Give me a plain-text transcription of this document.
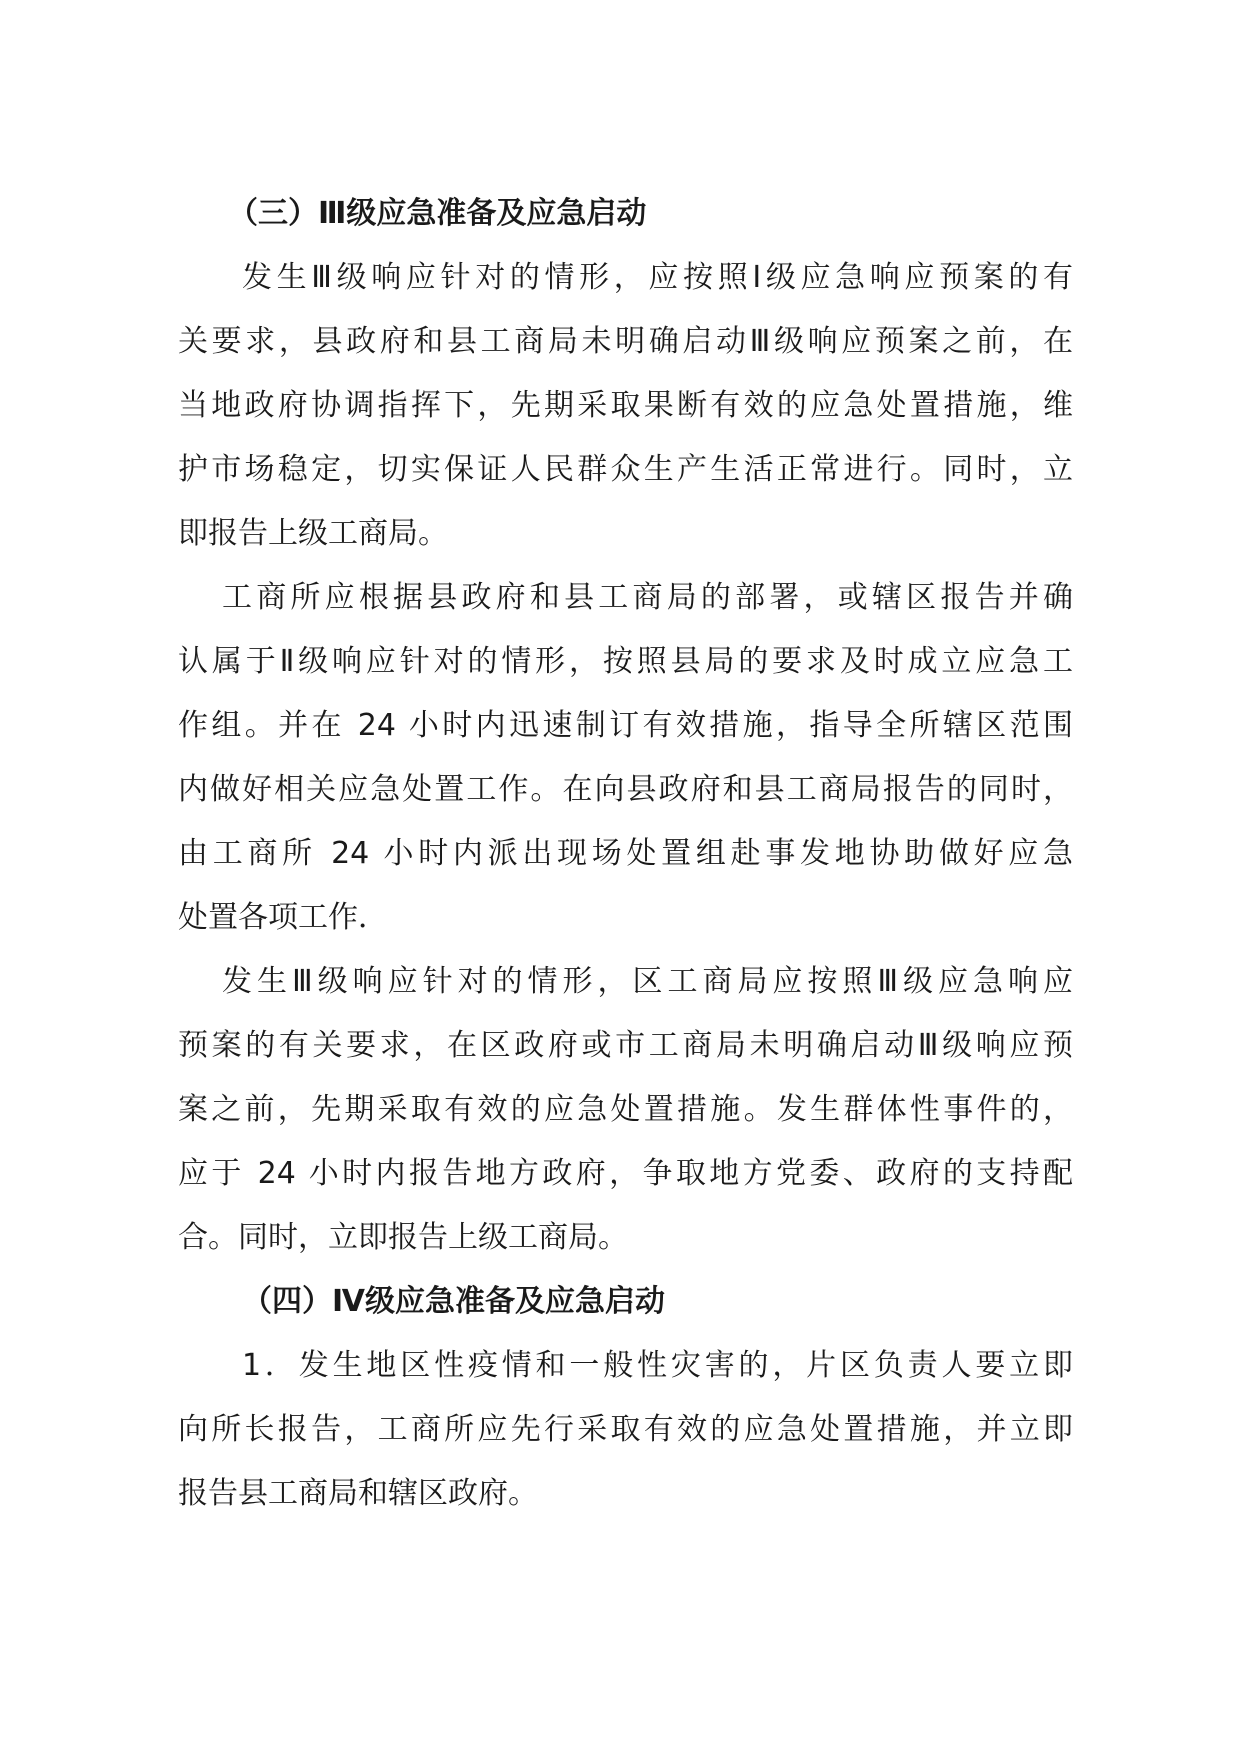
（三）Ⅲ级应急准备及应急启动
发生Ⅲ级响应针对的情形，应按照Ⅰ级应急响应预案的有
关要求，县政府和县工商局未明确启动Ⅲ级响应预案之前，在
当地政府协调指挥下，先期采取果断有效的应急处置措施，维
护市场稳定，切实保证人民群众生产生活正常进行。同时，立
即报告上级工商局。
工商所应根据县政府和县工商局的部署，或辖区报告并确
认属于Ⅱ级响应针对的情形，按照县局的要求及时成立应急工
作组。并在 24 小时内迅速制订有效措施，指导全所辖区范围
内做好相关应急处置工作。在向县政府和县工商局报告的同时，
由工商所 24 小时内派出现场处置组赴事发地协助做好应急
处置各项工作．
发生Ⅲ级响应针对的情形，区工商局应按照Ⅲ级应急响应
预案的有关要求，在区政府或市工商局未明确启动Ⅲ级响应预
案之前，先期采取有效的应急处置措施。发生群体性事件的，
应于 24 小时内报告地方政府，争取地方党委、政府的支持配
合。同时，立即报告上级工商局。
（四）Ⅳ级应急准备及应急启动
1．发生地区性疫情和一般性灾害的，片区负责人要立即
向所长报告，工商所应先行采取有效的应急处置措施，并立即
报告县工商局和辖区政府。
